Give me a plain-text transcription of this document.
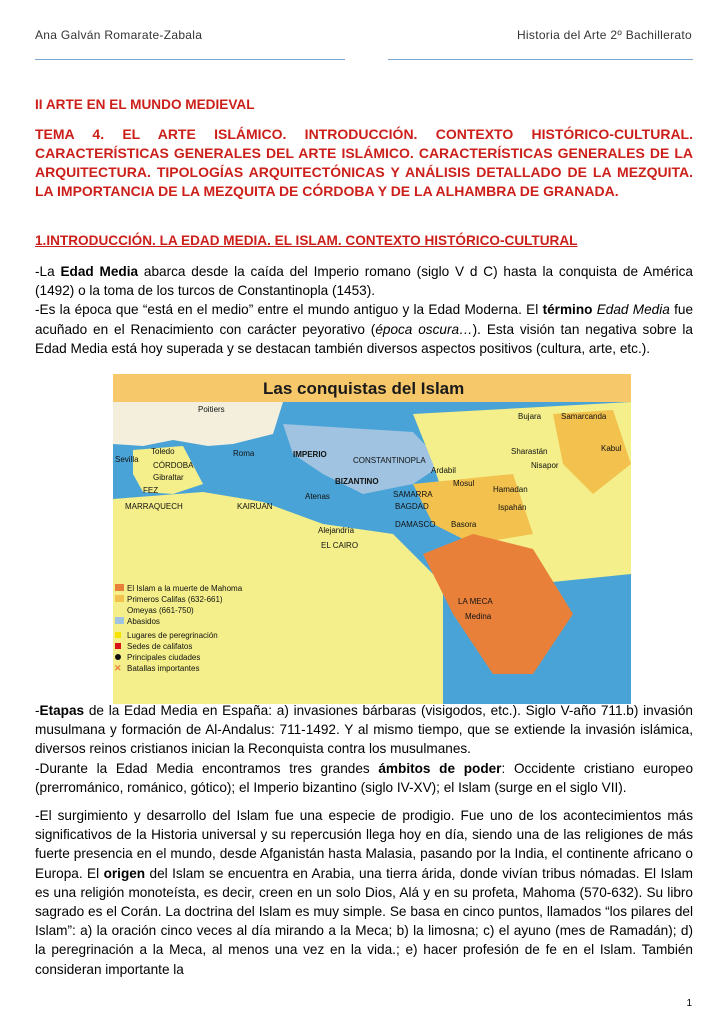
Ana Galván Romarate-Zabala	Historia del Arte 2º Bachillerato
II ARTE EN EL MUNDO MEDIEVAL
TEMA 4. EL ARTE ISLÁMICO. INTRODUCCIÓN. CONTEXTO HISTÓRICO-CULTURAL. CARACTERÍSTICAS GENERALES DEL ARTE ISLÁMICO. CARACTERÍSTICAS GENERALES DE LA ARQUITECTURA. TIPOLOGÍAS ARQUITECTÓNICAS Y ANÁLISIS DETALLADO DE LA MEZQUITA. LA IMPORTANCIA DE LA MEZQUITA DE CÓRDOBA Y DE LA ALHAMBRA DE GRANADA.
1.INTRODUCCIÓN. LA EDAD MEDIA. EL ISLAM. CONTEXTO HISTÓRICO-CULTURAL

-La Edad Media abarca desde la caída del Imperio romano (siglo V d C) hasta la conquista de América (1492) o la toma de los turcos de Constantinopla (1453).

-Es la época que “está en el medio” entre el mundo antiguo y la Edad Moderna. El término Edad Media fue acuñado en el Renacimiento con carácter peyorativo (época oscura…). Esta visión tan negativa sobre la Edad Media está hoy superada y se destacan también diversos aspectos positivos (cultura, arte, etc.).

Las conquistas del Islam
Poitiers
Toledo
Sevilla
CÓRDOBA
Gibraltar
FEZ
MARRAQUECH	KAIRUAN
Roma	IMPERIO
BIZANTINO
Atenas
CONSTANTINOPLA
Ardabil
Mosul
SAMARRA
BAGDAD
DAMASCO Basora
Alejandría
EL CAIRO
Medina
LA MECA
Hamadan
Ispahán
Bujara Samarcanda
Sharastán
Nisapor
Kabul
El Islam a la muerte de Mahoma
Primeros Califas (632-661)
Omeyas (661-750)
Abasidos
Lugares de peregrinación
Sedes de califatos
Principales ciudades
✕ Batallas importantes

-Etapas de la Edad Media en España: a) invasiones bárbaras (visigodos, etc.). Siglo V-año 711.b) invasión musulmana y formación de Al-Andalus: 711-1492. Y al mismo tiempo, que se extiende la invasión islámica, diversos reinos cristianos inician la Reconquista contra los musulmanes.

-Durante la Edad Media encontramos tres grandes ámbitos de poder: Occidente cristiano europeo (prerrománico, románico, gótico); el Imperio bizantino (siglo IV-XV); el Islam (surge en el siglo VII).

-El surgimiento y desarrollo del Islam fue una especie de prodigio. Fue uno de los acontecimientos más significativos de la Historia universal y su repercusión llega hoy en día, siendo una de las religiones de más fuerte presencia en el mundo, desde Afganistán hasta Malasia, pasando por la India, el continente africano o Europa. El origen del Islam se encuentra en Arabia, una tierra árida, donde vivían tribus nómadas. El Islam es una religión monoteísta, es decir, creen en un solo Dios, Alá y en su profeta, Mahoma (570-632). Su libro sagrado es el Corán. La doctrina del Islam es muy simple. Se basa en cinco puntos, llamados “los pilares del Islam”: a) la oración cinco veces al día mirando a la Meca; b) la limosna; c) el ayuno (mes de Ramadán); d) la peregrinación a la Meca, al menos una vez en la vida.; e) hacer profesión de fe en el Islam. También consideran importante la

1
